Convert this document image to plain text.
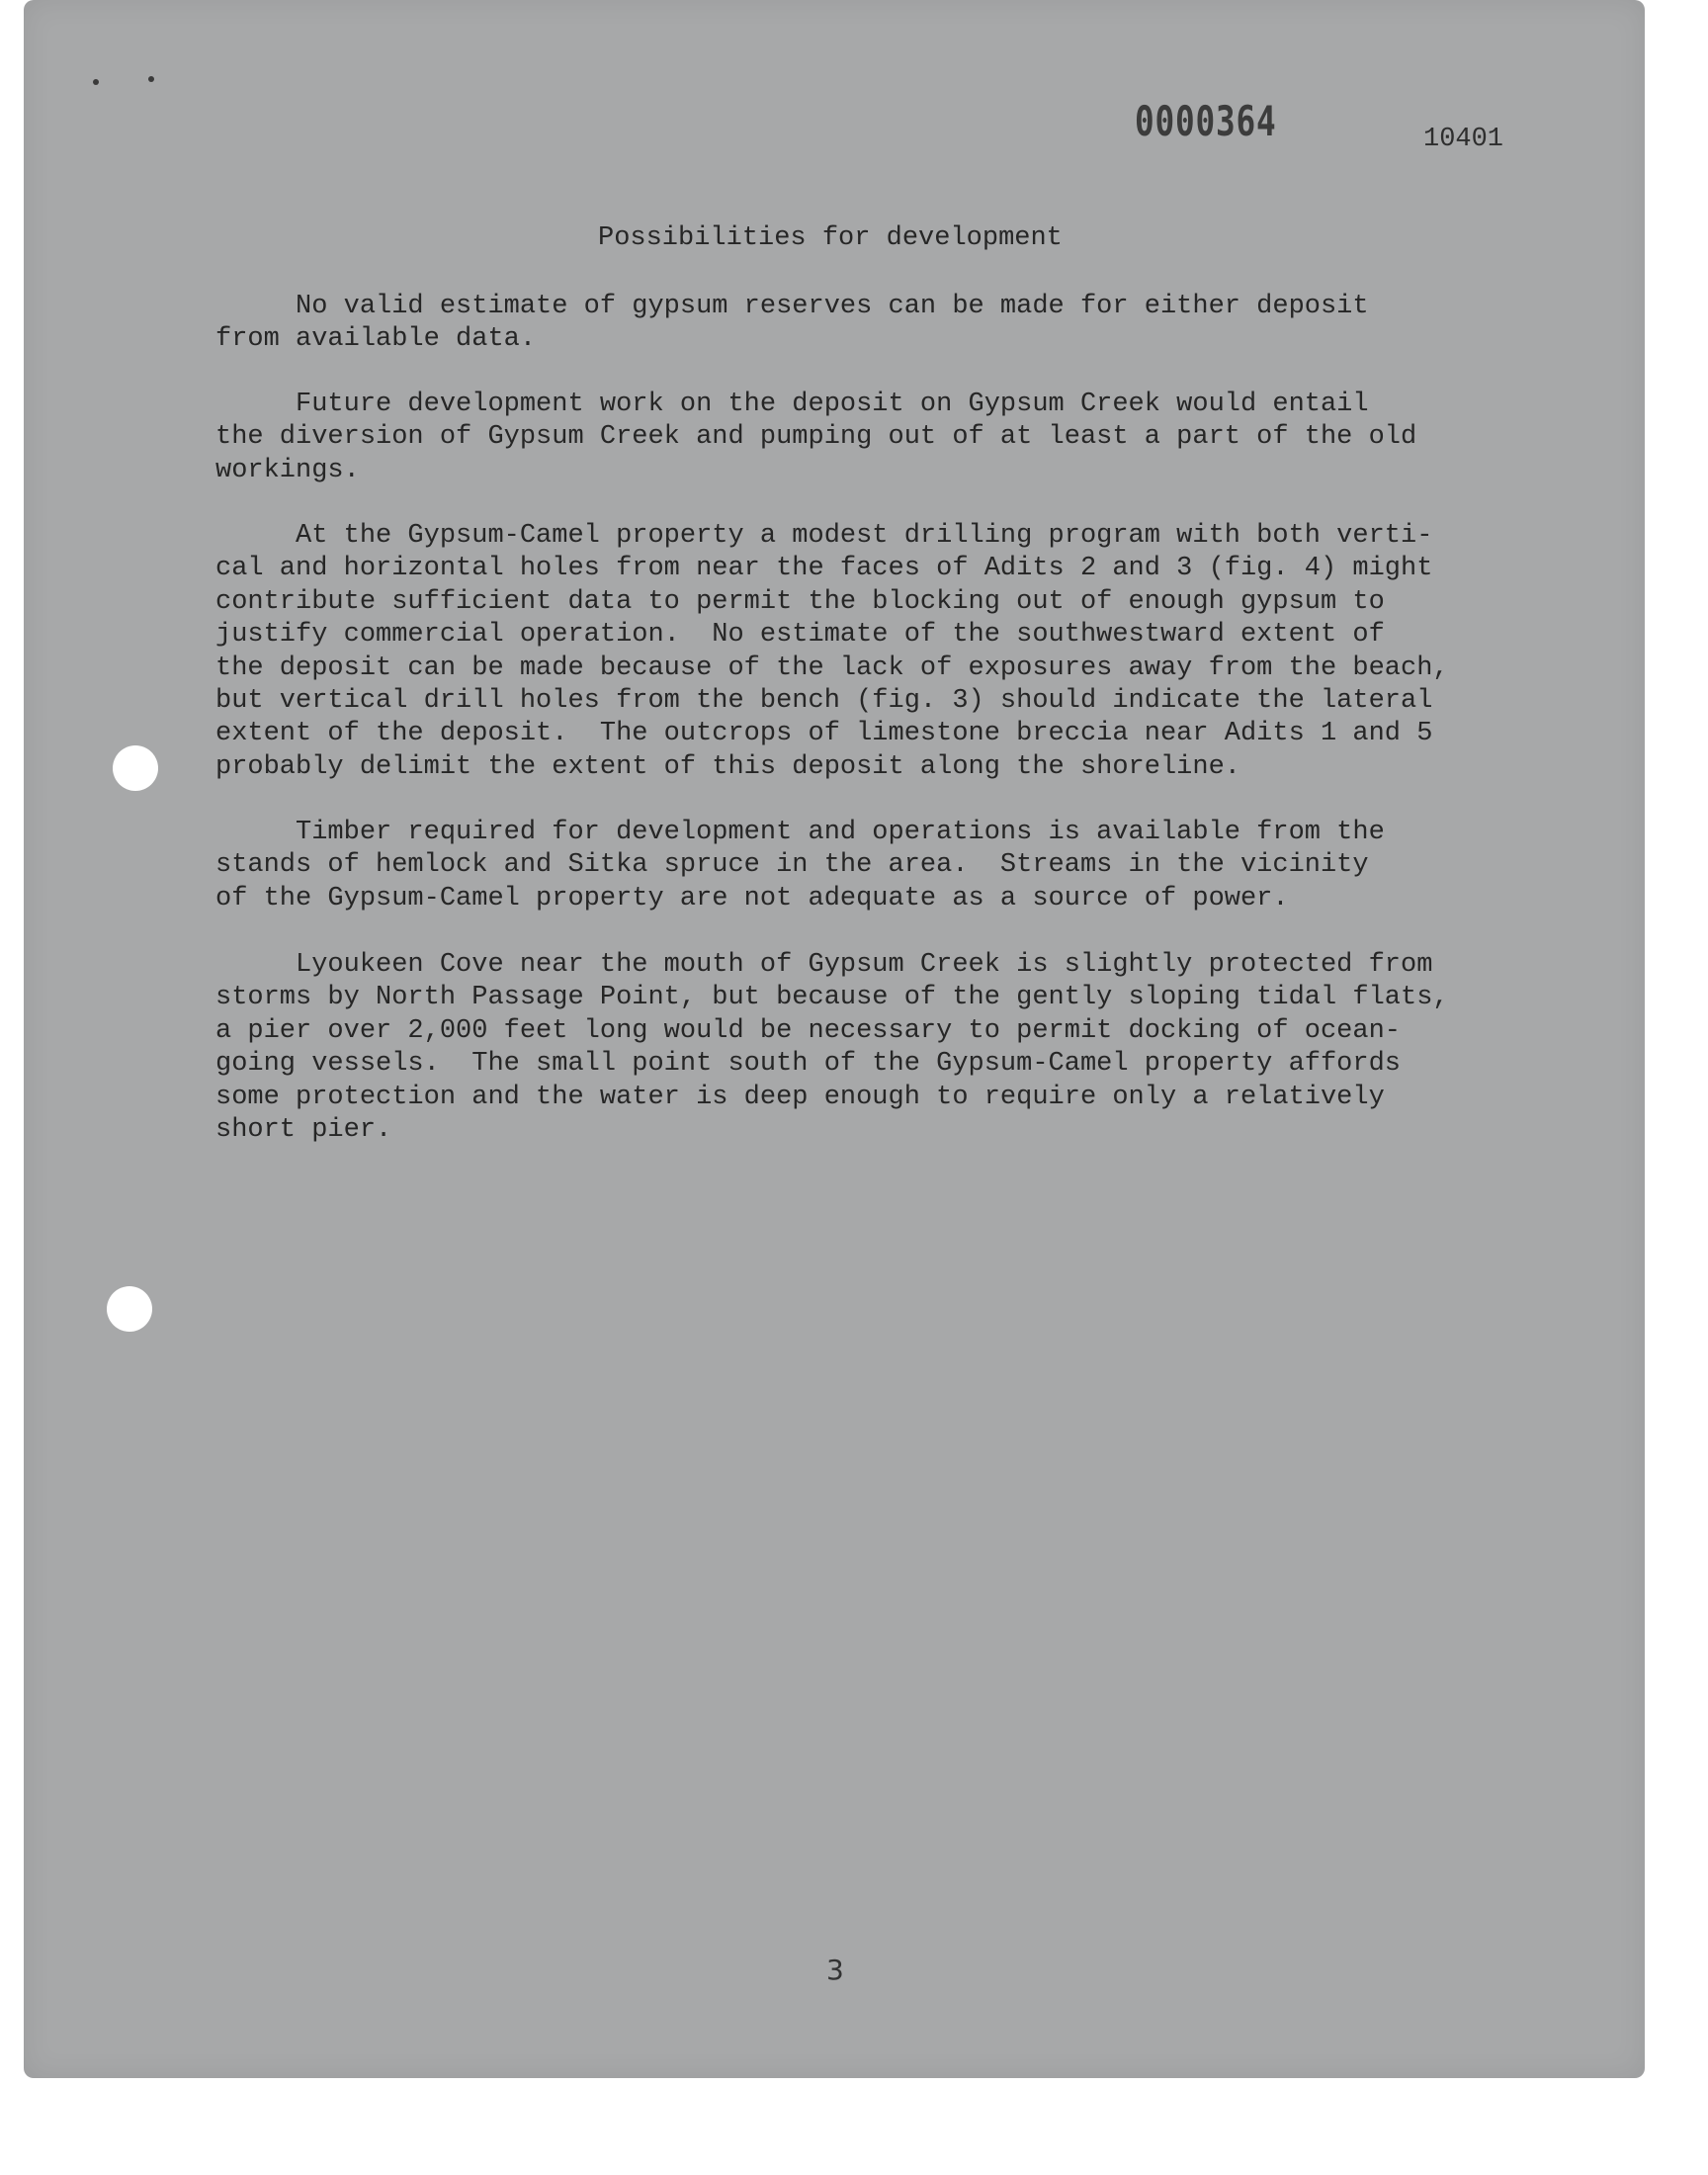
0000364	10401
Possibilities for development
No valid estimate of gypsum reserves can be made for either deposit
from available data.
Future development work on the deposit on Gypsum Creek would entail
the diversion of Gypsum Creek and pumping out of at least a part of the old
workings.
At the Gypsum-Camel property a modest drilling program with both verti-
cal and horizontal holes from near the faces of Adits 2 and 3 (fig. 4) might
contribute sufficient data to permit the blocking out of enough gypsum to
justify commercial operation.  No estimate of the southwestward extent of
the deposit can be made because of the lack of exposures away from the beach,
but vertical drill holes from the bench (fig. 3) should indicate the lateral
extent of the deposit.  The outcrops of limestone breccia near Adits 1 and 5
probably delimit the extent of this deposit along the shoreline.
Timber required for development and operations is available from the
stands of hemlock and Sitka spruce in the area.  Streams in the vicinity
of the Gypsum-Camel property are not adequate as a source of power.
Lyoukeen Cove near the mouth of Gypsum Creek is slightly protected from
storms by North Passage Point, but because of the gently sloping tidal flats,
a pier over 2,000 feet long would be necessary to permit docking of ocean-
going vessels.  The small point south of the Gypsum-Camel property affords
some protection and the water is deep enough to require only a relatively
short pier.
3
